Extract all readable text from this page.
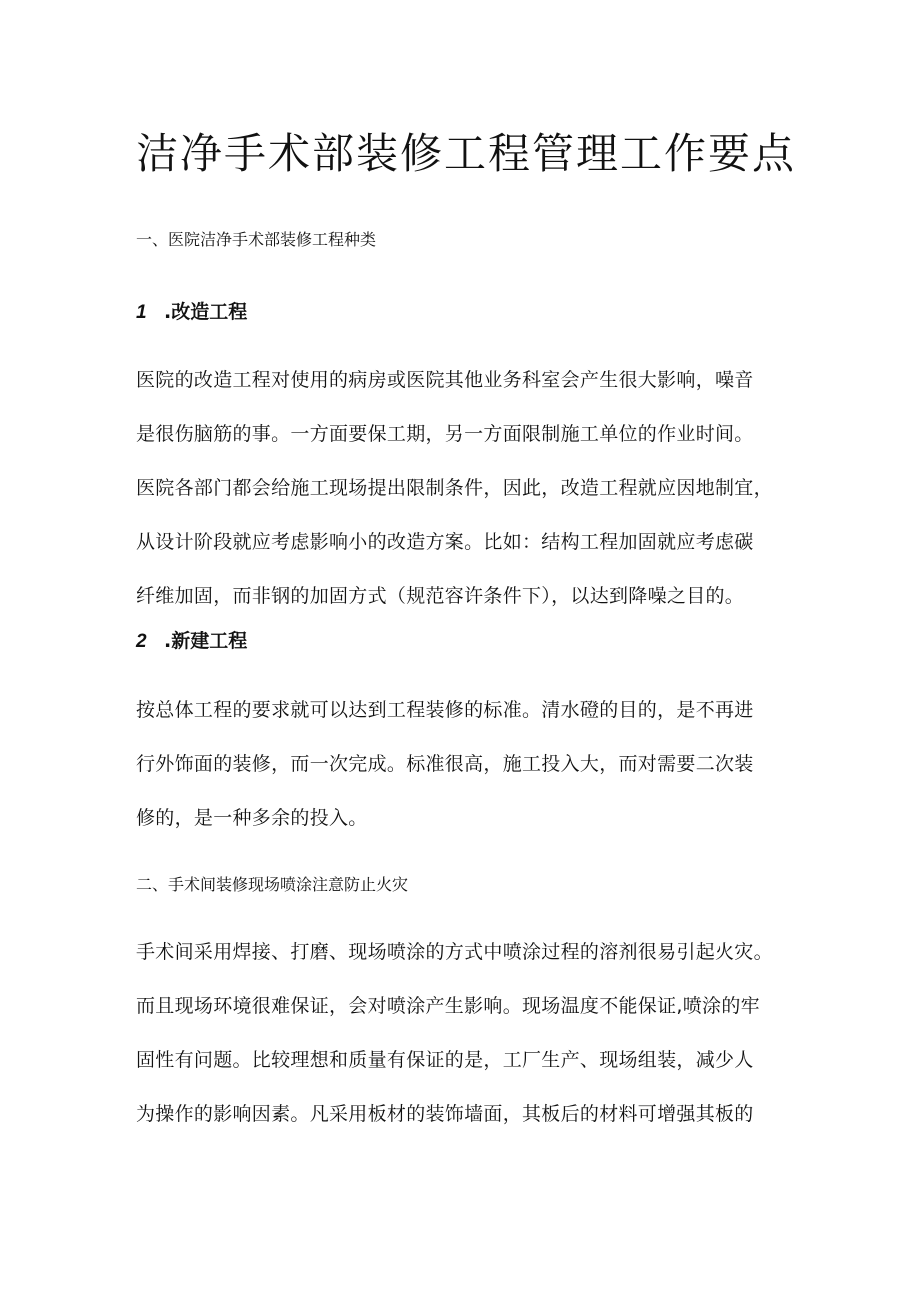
洁净手术部装修工程管理工作要点

一、医院洁净手术部装修工程种类

1 .改造工程

医院的改造工程对使用的病房或医院其他业务科室会产生很大影响，噪音
是很伤脑筋的事。一方面要保工期，另一方面限制施工单位的作业时间。
医院各部门都会给施工现场提出限制条件，因此，改造工程就应因地制宜，
从设计阶段就应考虑影响小的改造方案。比如：结构工程加固就应考虑碳
纤维加固，而非钢的加固方式（规范容许条件下），以达到降噪之目的。

2 .新建工程

按总体工程的要求就可以达到工程装修的标准。清水磴的目的，是不再进
行外饰面的装修，而一次完成。标准很高，施工投入大，而对需要二次装
修的，是一种多余的投入。

二、手术间装修现场喷涂注意防止火灾

手术间采用焊接、打磨、现场喷涂的方式中喷涂过程的溶剂很易引起火灾。
而且现场环境很难保证，会对喷涂产生影响。现场温度不能保证,喷涂的牢
固性有问题。比较理想和质量有保证的是，工厂生产、现场组装，减少人
为操作的影响因素。凡采用板材的装饰墙面，其板后的材料可增强其板的
